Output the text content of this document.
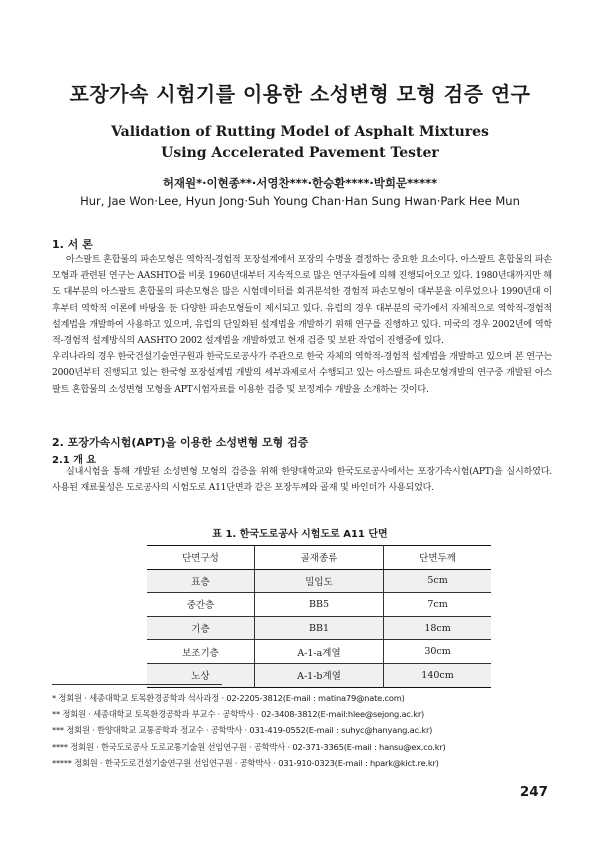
포장가속 시험기를 이용한 소성변형 모형 검증 연구
Validation of Rutting Model of Asphalt Mixtures
Using Accelerated Pavement Tester
허재원*·이현종**·서영찬***·한승환****·박희문*****
Hur, Jae Won·Lee, Hyun Jong·Suh Young Chan·Han Sung Hwan·Park Hee Mun
1. 서 론

아스팔트 혼합물의 파손모형은 역학적-경험적 포장설계에서 포장의 수명을 결정하는 중요한 요소이다. 아스팔트 혼합물의 파손모형과 관련된 연구는 AASHTO를 비롯 1960년대부터 지속적으로 많은 연구자들에 의해 진행되어오고 있다. 1980년대까지만 해도 대부분의 아스팔트 혼합물의 파손모형은 많은 시험데이터를 회귀분석한 경험적 파손모형이 대부분을 이루었으나 1990년대 이후부터 역학적 이론에 바탕을 둔 다양한 파손모형들이 제시되고 있다. 유럽의 경우 대부분의 국가에서 자체적으로 역학적-경험적 설계법을 개발하여 사용하고 있으며, 유럽의 단일화된 설계법을 개발하기 위해 연구를 진행하고 있다. 미국의 경우 2002년에 역학적-경험적 설계방식의 AASHTO 2002 설계법을 개발하였고 현재 검증 및 보완 작업이 진행중에 있다.

우리나라의 경우 한국건설기술연구원과 한국도로공사가 주관으로 한국 자체의 역학적-경험적 설계법을 개발하고 있으며 본 연구는 2000년부터 진행되고 있는 한국형 포장설계법 개발의 세부과제로서 수행되고 있는 아스팔트 파손모형개발의 연구중 개발된 아스팔트 혼합물의 소성변형 모형을 APT시험자료를 이용한 검증 및 보정계수 개발을 소개하는 것이다.

2. 포장가속시험(APT)을 이용한 소성변형 모형 검증
2.1 개 요

실내시험을 통해 개발된 소성변형 모형의 검증을 위해 한양대학교와 한국도로공사에서는 포장가속시험(APT)을 실시하였다. 사용된 재료물성은 도로공사의 시험도로 A11단면과 같은 포장두께와 골재 및 바인더가 사용되었다.

표 1. 한국도로공사 시험도로 A11 단면
단면구성	골재종류	단면두께
표층	밀입도	5cm
중간층	BB5	7cm
기층	BB1	18cm
보조기층	A-1-a계열	30cm
노상	A-1-b계열	140cm
* 정회원 · 세종대학교 토목환경공학과 석사과정 · 02-2205-3812(E-mail : matina79@nate.com)
** 정회원 · 세종대학교 토목환경공학과 부교수 · 공학박사 · 02-3408-3812(E-mail:hlee@sejong.ac.kr)
*** 정회원 · 한양대학교 교통공학과 정교수 · 공학박사 · 031-419-0552(E-mail : suhyc@hanyang.ac.kr)
**** 정회원 · 한국도로공사 도로교통기술원 선임연구원 · 공학박사 · 02-371-3365(E-mail : hansu@ex.co.kr)
***** 정회원 · 한국도로건설기술연구원 선임연구원 · 공학박사 · 031-910-0323(E-mail : hpark@kict.re.kr)
247
